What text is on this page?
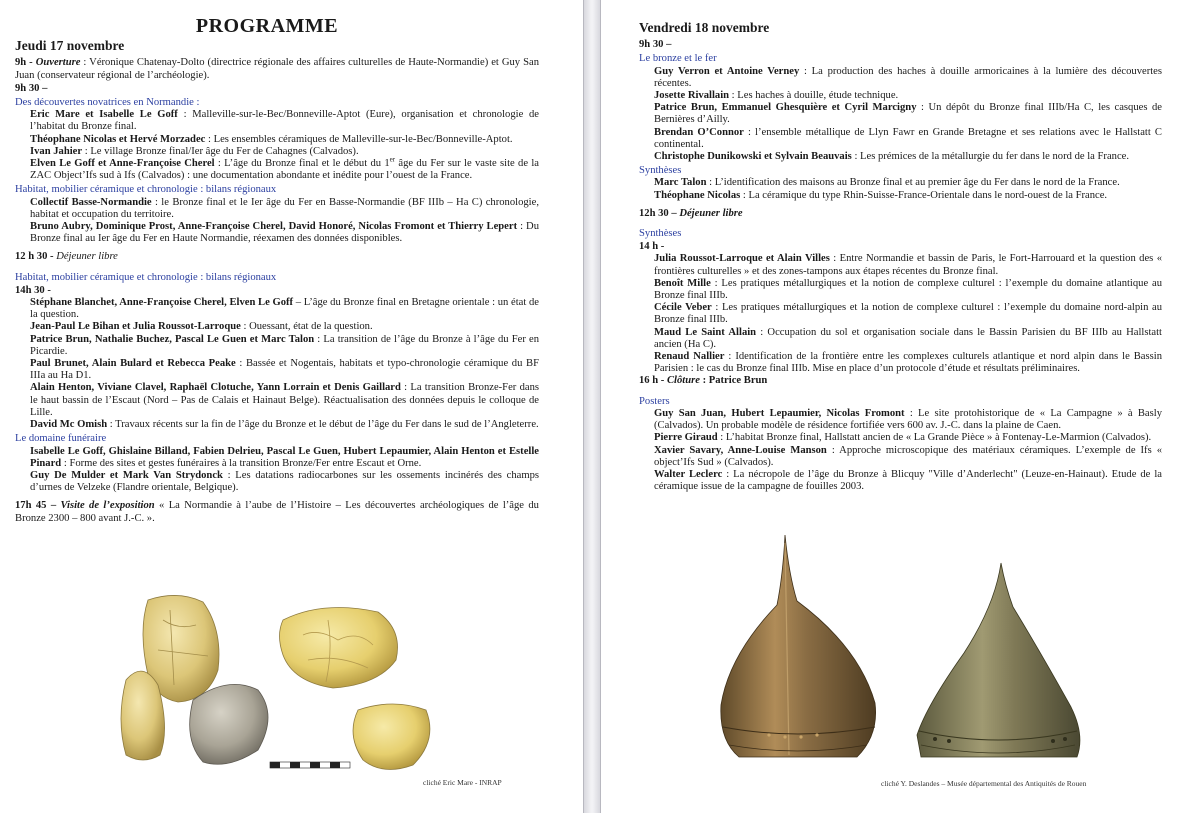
PROGRAMME
Jeudi 17 novembre
9h - Ouverture : Véronique Chatenay-Dolto (directrice régionale des affaires culturelles de Haute-Normandie) et Guy San Juan (conservateur régional de l’archéologie).
9h 30 –
Des découvertes novatrices en Normandie :
Eric Mare et Isabelle Le Goff : Malleville-sur-le-Bec/Bonneville-Aptot (Eure), organisation et chronologie de l’habitat du Bronze final.
Théophane Nicolas et Hervé Morzadec : Les ensembles céramiques de Malleville-sur-le-Bec/Bonneville-Aptot.
Ivan Jahier : Le village Bronze final/Ier âge du Fer de Cahagnes (Calvados).
Elven Le Goff et Anne-Françoise Cherel : L’âge du Bronze final et le début du 1er âge du Fer sur le vaste site de la ZAC Object’Ifs sud à Ifs (Calvados) : une documentation abondante et inédite pour l’ouest de la France.
Habitat, mobilier céramique et chronologie : bilans régionaux
Collectif Basse-Normandie : le Bronze final et le Ier âge du Fer en Basse-Normandie (BF IIIb – Ha C) chronologie, habitat et occupation du territoire.
Bruno Aubry, Dominique Prost, Anne-Françoise Cherel, David Honoré, Nicolas Fromont et Thierry Lepert : Du Bronze final au Ier âge du Fer en Haute Normandie, réexamen des données disponibles.
12 h 30 - Déjeuner libre
Habitat, mobilier céramique et chronologie : bilans régionaux
14h 30 -
Stéphane Blanchet, Anne-Françoise Cherel, Elven Le Goff – L’âge du Bronze final en Bretagne orientale : un état de la question.
Jean-Paul Le Bihan et Julia Roussot-Larroque : Ouessant, état de la question.
Patrice Brun, Nathalie Buchez, Pascal Le Guen et Marc Talon : La transition de l’âge du Bronze à l’âge du Fer en Picardie.
Paul Brunet, Alain Bulard et Rebecca Peake : Bassée et Nogentais, habitats et typo-chronologie céramique du BF IIIa au Ha D1.
Alain Henton, Viviane Clavel, Raphaël Clotuche, Yann Lorrain et Denis Gaillard : La transition Bronze-Fer dans le haut bassin de l’Escaut (Nord – Pas de Calais et Hainaut Belge). Réactualisation des données depuis le colloque de Lille.
David Mc Omish : Travaux récents sur la fin de l’âge du Bronze et le début de l’âge du Fer dans le sud de l’Angleterre.
Le domaine funéraire
Isabelle Le Goff, Ghislaine Billand, Fabien Delrieu, Pascal Le Guen, Hubert Lepaumier, Alain Henton et Estelle Pinard : Forme des sites et gestes funéraires à la transition Bronze/Fer entre Escaut et Orne.
Guy De Mulder et Mark Van Strydonck : Les datations radiocarbones sur les ossements incinérés des champs d’urnes de Velzeke (Flandre orientale, Belgique).
17h 45 – Visite de l’exposition « La Normandie à l’aube de l’Histoire – Les découvertes archéologiques de l’âge du Bronze 2300 – 800 avant J.-C. ».
cliché Eric Mare - INRAP
Vendredi 18 novembre
9h 30 –
Le bronze et le fer
Guy Verron et Antoine Verney : La production des haches à douille armoricaines à la lumière des découvertes récentes.
Josette Rivallain : Les haches à douille, étude technique.
Patrice Brun, Emmanuel Ghesquière et Cyril Marcigny : Un dépôt du Bronze final IIIb/Ha C, les casques de Bernières d’Ailly.
Brendan O’Connor : l’ensemble métallique de Llyn Fawr en Grande Bretagne et ses relations avec le Hallstatt C continental.
Christophe Dunikowski et Sylvain Beauvais : Les prémices de la métallurgie du fer dans le nord de la France.
Synthèses
Marc Talon : L’identification des maisons au Bronze final et au premier âge du Fer dans le nord de la France.
Théophane Nicolas : La céramique du type Rhin-Suisse-France-Orientale dans le nord-ouest de la France.
12h 30 – Déjeuner libre
Synthèses
14 h -
Julia Roussot-Larroque et Alain Villes : Entre Normandie et bassin de Paris, le Fort-Harrouard et la question des « frontières culturelles » et des zones-tampons aux étapes récentes du Bronze final.
Benoît Mille : Les pratiques métallurgiques et la notion de complexe culturel : l’exemple du domaine atlantique au Bronze final IIIb.
Cécile Veber : Les pratiques métallurgiques et la notion de complexe culturel : l’exemple du domaine nord-alpin au Bronze final IIIb.
Maud Le Saint Allain : Occupation du sol et organisation sociale dans le Bassin Parisien du BF IIIb au Hallstatt ancien (Ha C).
Renaud Nallier : Identification de la frontière entre les complexes culturels atlantique et nord alpin dans le Bassin Parisien : le cas du Bronze final IIIb. Mise en place d’un protocole d’étude et résultats préliminaires.
16 h - Clôture : Patrice Brun
Posters
Guy San Juan, Hubert Lepaumier, Nicolas Fromont : Le site protohistorique de « La Campagne » à Basly (Calvados). Un probable modèle de résidence fortifiée vers 600 av. J.-C. dans la plaine de Caen.
Pierre Giraud : L’habitat Bronze final, Hallstatt ancien de « La Grande Pièce » à Fontenay-Le-Marmion (Calvados).
Xavier Savary, Anne-Louise Manson : Approche microscopique des matériaux céramiques. L’exemple de Ifs « object’Ifs Sud » (Calvados).
Walter Leclerc : La nécropole de l’âge du Bronze à Blicquy "Ville d’Anderlecht" (Leuze-en-Hainaut). Etude de la céramique issue de la campagne de fouilles 2003.
cliché Y. Deslandes – Musée départemental des Antiquités de Rouen
